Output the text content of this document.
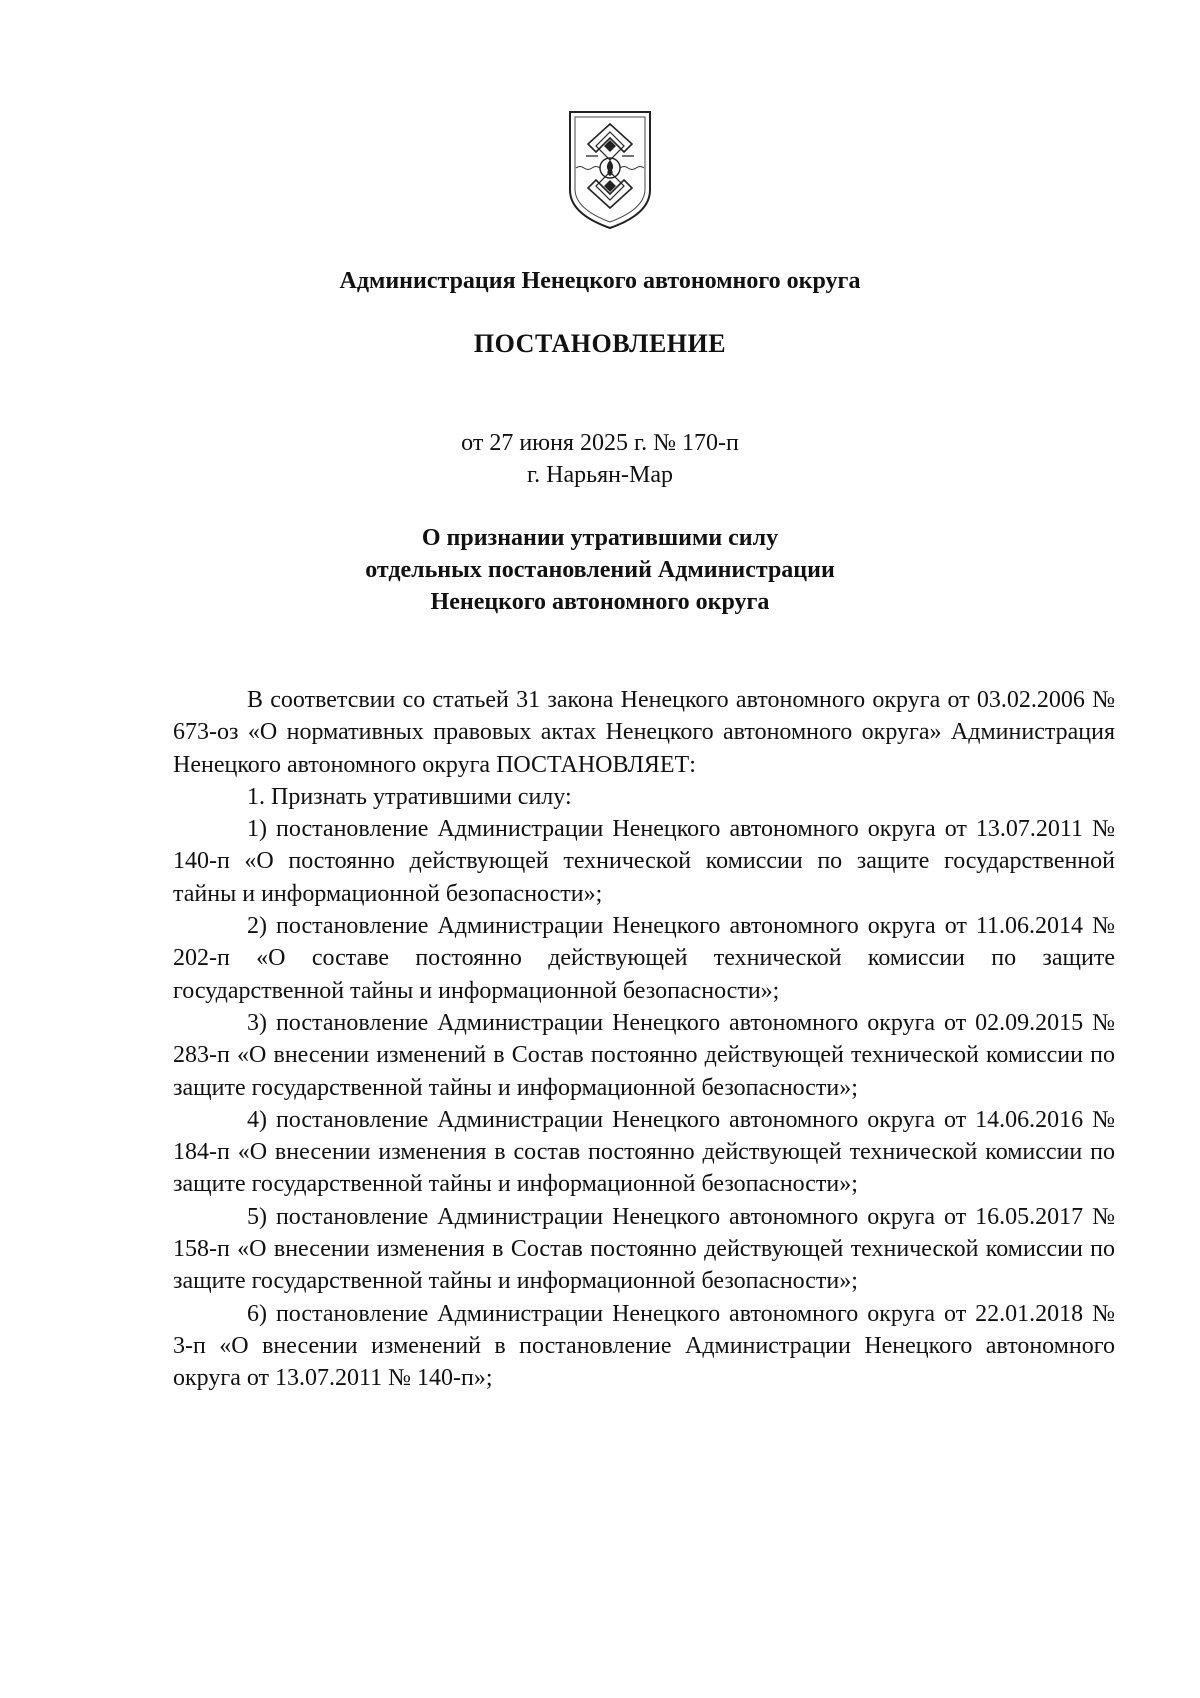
Администрация Ненецкого автономного округа
ПОСТАНОВЛЕНИЕ
от 27 июня 2025 г. № 170-п
г. Нарьян-Мар
О признании утратившими силу
отдельных постановлений Администрации
Ненецкого автономного округа

В соответсвии со статьей 31 закона Ненецкого автономного округа от 03.02.2006 № 673-оз «О нормативных правовых актах Ненецкого автономного округа» Администрация Ненецкого автономного округа ПОСТАНОВЛЯЕТ:

1. Признать утратившими силу:

1) постановление Администрации Ненецкого автономного округа от 13.07.2011 № 140-п «О постоянно действующей технической комиссии по защите государственной тайны и информационной безопасности»;

2) постановление Администрации Ненецкого автономного округа от 11.06.2014 № 202-п «О составе постоянно действующей технической комиссии по защите государственной тайны и информационной безопасности»;

3) постановление Администрации Ненецкого автономного округа от 02.09.2015 № 283-п «О внесении изменений в Состав постоянно действующей технической комиссии по защите государственной тайны и информационной безопасности»;

4) постановление Администрации Ненецкого автономного округа от 14.06.2016 № 184-п «О внесении изменения в состав постоянно действующей технической комиссии по защите государственной тайны и информационной безопасности»;

5) постановление Администрации Ненецкого автономного округа от 16.05.2017 № 158-п «О внесении изменения в Состав постоянно действующей технической комиссии по защите государственной тайны и информационной безопасности»;

6) постановление Администрации Ненецкого автономного округа от 22.01.2018 № 3-п «О внесении изменений в постановление Администрации Ненецкого автономного округа от 13.07.2011 № 140-п»;
